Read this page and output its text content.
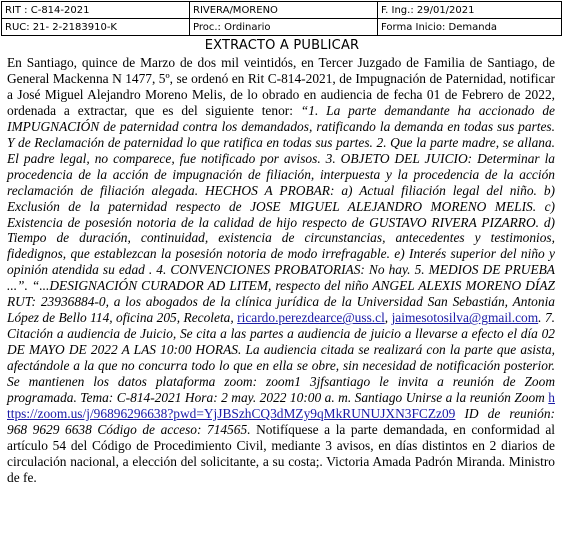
RIT : C-814-2021	RIVERA/MORENO	F. Ing.: 29/01/2021
RUC: 21- 2-2183910-K	Proc.: Ordinario	Forma Inicio: Demanda
EXTRACTO A PUBLICAR
En Santiago, quince de Marzo de dos mil veintidós, en Tercer Juzgado de Familia de Santiago, de General Mackenna N 1477, 5º, se ordenó en Rit C-814-2021, de Impugnación de Paternidad, notificar a José Miguel Alejandro Moreno Melis, de lo obrado en audiencia de fecha 01 de Febrero de 2022, ordenada a extractar, que es del siguiente tenor: “1. La parte demandante ha accionado de IMPUGNACIÓN de paternidad contra los demandados, ratificando la demanda en todas sus partes. Y de Reclamación de paternidad lo que ratifica en todas sus partes. 2. Que la parte madre, se allana. El padre legal, no comparece, fue notificado por avisos. 3. OBJETO DEL JUICIO: Determinar la procedencia de la acción de impugnación de filiación, interpuesta y la procedencia de la acción reclamación de filiación alegada. HECHOS A PROBAR: a) Actual filiación legal del niño. b) Exclusión de la paternidad respecto de JOSE MIGUEL ALEJANDRO MORENO MELIS. c) Existencia de posesión notoria de la calidad de hijo respecto de GUSTAVO RIVERA PIZARRO. d) Tiempo de duración, continuidad, existencia de circunstancias, antecedentes y testimonios, fidedignos, que establezcan la posesión notoria de modo irrefragable. e) Interés superior del niño y opinión atendida su edad . 4. CONVENCIONES PROBATORIAS: No hay. 5. MEDIOS DE PRUEBA ...”. “...DESIGNACIÓN CURADOR AD LITEM, respecto del niño ANGEL ALEXIS MORENO DÍAZ RUT: 23936884-0, a los abogados de la clínica jurídica de la Universidad San Sebastián, Antonia López de Bello 114, oficina 205, Recoleta, ricardo.perezdearce@uss.cl, jaimesotosilva@gmail.com. 7. Citación a audiencia de Juicio, Se cita a las partes a audiencia de juicio a llevarse a efecto el día 02 DE MAYO DE 2022 A LAS 10:00 HORAS. La audiencia citada se realizará con la parte que asista, afectándole a la que no concurra todo lo que en ella se obre, sin necesidad de notificación posterior. Se mantienen los datos plataforma zoom: zoom1 3jfsantiago le invita a reunión de Zoom programada. Tema: C-814-2021 Hora: 2 may. 2022 10:00 a. m. Santiago Unirse a la reunión Zoom https://zoom.us/j/96896296638?pwd=YjJBSzhCQ3dMZy9qMkRUNUJXN3FCZz09 ID de reunión: 968 9629 6638 Código de acceso: 714565. Notifíquese a la parte demandada, en conformidad al artículo 54 del Código de Procedimiento Civil, mediante 3 avisos, en días distintos en 2 diarios de circulación nacional, a elección del solicitante, a su costa;. Victoria Amada Padrón Miranda. Ministro de fe.
